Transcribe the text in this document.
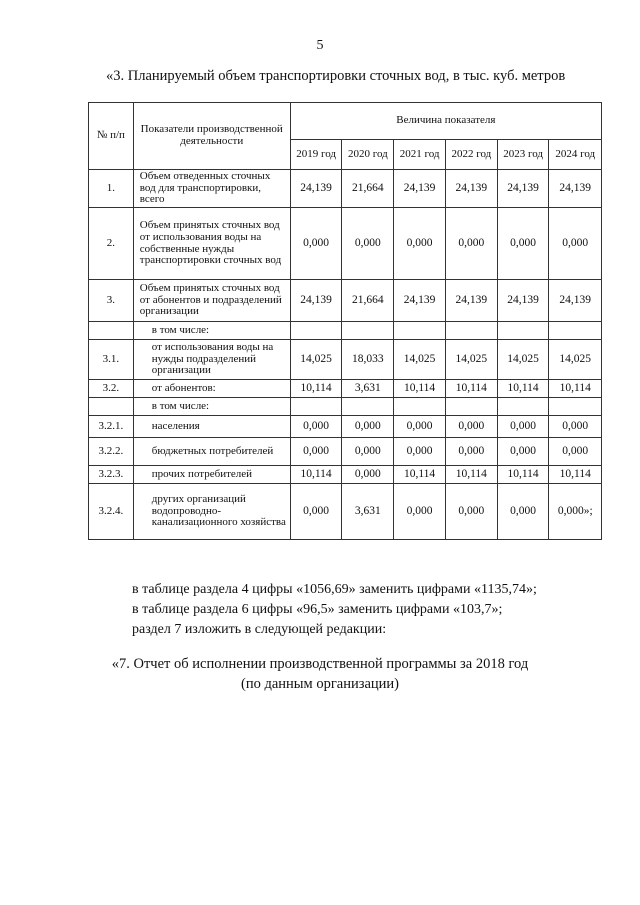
5
«3. Планируемый объем транспортировки сточных вод, в тыс. куб. метров
№ п/п	Показатели производственной деятельности	Величина показателя					
		2019 год	2020 год	2021 год	2022 год	2023 год	2024 год
1.	Объем отведенных сточных вод для транспортировки, всего	24,139	21,664	24,139	24,139	24,139	24,139
2.	Объем принятых сточных вод от использования воды на собственные нужды транспортировки сточных вод	0,000	0,000	0,000	0,000	0,000	0,000
3.	Объем принятых сточных вод от абонентов и подразделений организации	24,139	21,664	24,139	24,139	24,139	24,139
	в том числе:						
3.1.	от использования воды на нужды подразделений организации	14,025	18,033	14,025	14,025	14,025	14,025
3.2.	от абонентов:	10,114	3,631	10,114	10,114	10,114	10,114
	в том числе:						
3.2.1.	населения	0,000	0,000	0,000	0,000	0,000	0,000
3.2.2.	бюджетных потребителей	0,000	0,000	0,000	0,000	0,000	0,000
3.2.3.	прочих потребителей	10,114	0,000	10,114	10,114	10,114	10,114
3.2.4.	других организаций водопроводно-канализационного хозяйства	0,000	3,631	0,000	0,000	0,000	0,000»;
в таблице раздела 4 цифры «1056,69» заменить цифрами «1135,74»;
в таблице раздела 6 цифры «96,5» заменить цифрами «103,7»;
раздел 7 изложить в следующей редакции:
«7. Отчет об исполнении производственной программы за 2018 год
(по данным организации)
